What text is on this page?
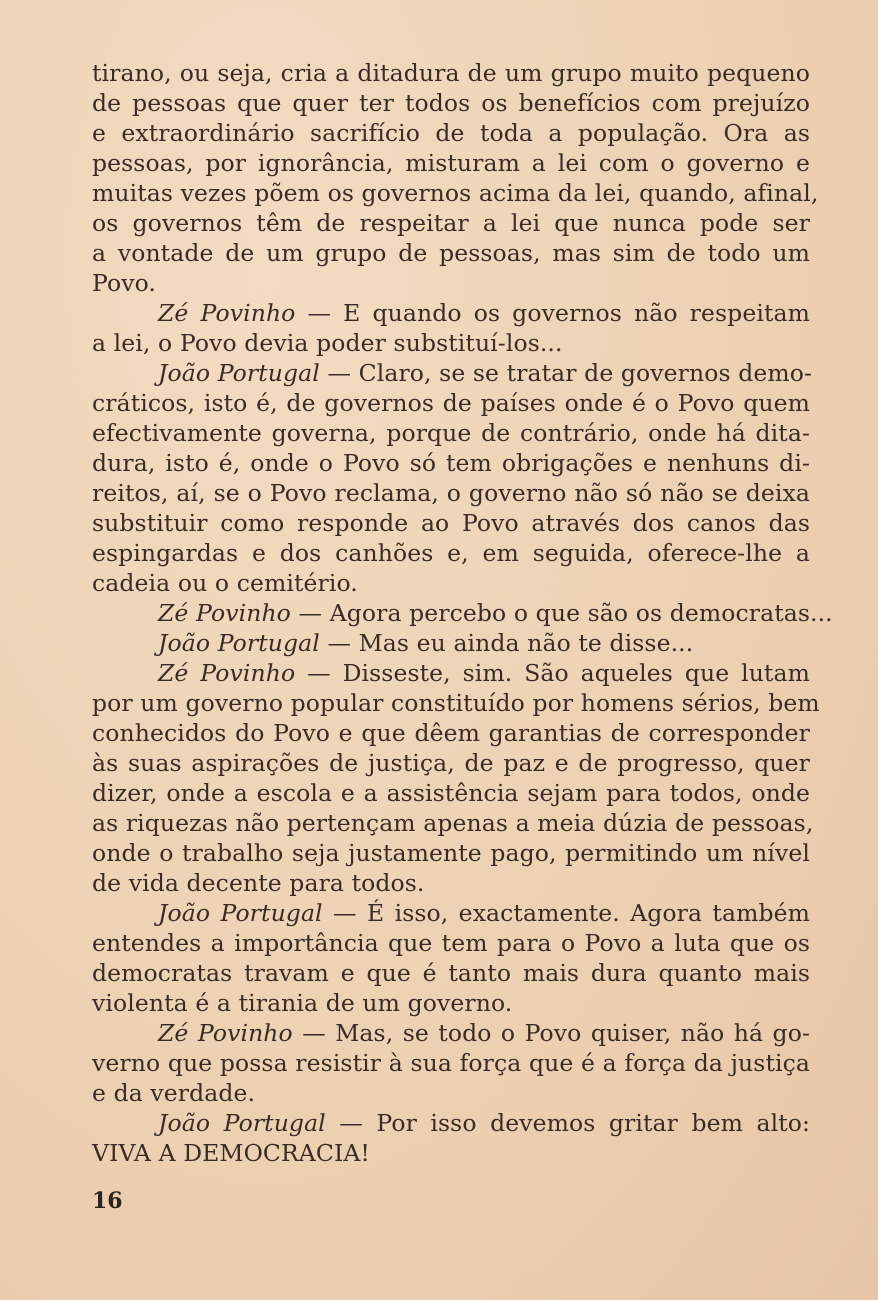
tirano, ou seja, cria a ditadura de um grupo muito pequeno
de pessoas que quer ter todos os benefícios com prejuízo
e extraordinário sacrifício de toda a população. Ora as
pessoas, por ignorância, misturam a lei com o governo e
muitas vezes põem os governos acima da lei, quando, afinal,
os governos têm de respeitar a lei que nunca pode ser
a vontade de um grupo de pessoas, mas sim de todo um
Povo.
Zé Povinho — E quando os governos não respeitam
a lei, o Povo devia poder substituí-los...
João Portugal — Claro, se se tratar de governos demo-
cráticos, isto é, de governos de países onde é o Povo quem
efectivamente governa, porque de contrário, onde há dita-
dura, isto é, onde o Povo só tem obrigações e nenhuns di-
reitos, aí, se o Povo reclama, o governo não só não se deixa
substituir como responde ao Povo através dos canos das
espingardas e dos canhões e, em seguida, oferece-lhe a
cadeia ou o cemitério.
Zé Povinho — Agora percebo o que são os democratas...
João Portugal — Mas eu ainda não te disse...
Zé Povinho — Disseste, sim. São aqueles que lutam
por um governo popular constituído por homens sérios, bem
conhecidos do Povo e que dêem garantias de corresponder
às suas aspirações de justiça, de paz e de progresso, quer
dizer, onde a escola e a assistência sejam para todos, onde
as riquezas não pertençam apenas a meia dúzia de pessoas,
onde o trabalho seja justamente pago, permitindo um nível
de vida decente para todos.
João Portugal — É isso, exactamente. Agora também
entendes a importância que tem para o Povo a luta que os
democratas travam e que é tanto mais dura quanto mais
violenta é a tirania de um governo.
Zé Povinho — Mas, se todo o Povo quiser, não há go-
verno que possa resistir à sua força que é a força da justiça
e da verdade.
João Portugal — Por isso devemos gritar bem alto:
VIVA A DEMOCRACIA!
16
